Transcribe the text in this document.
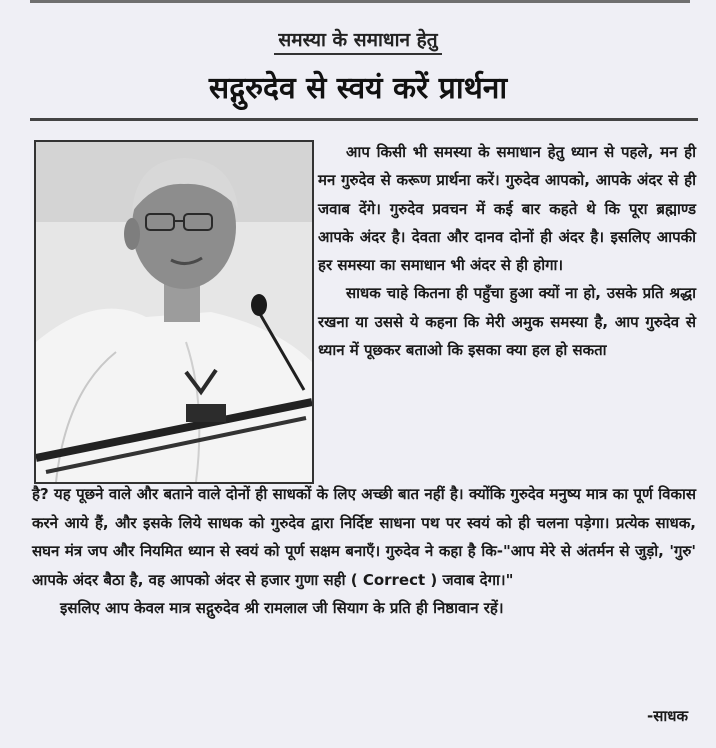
समस्या के समाधान हेतु
सद्गुरुदेव से स्वयं करें प्रार्थना

आप किसी भी समस्या के समाधान हेतु ध्यान से पहले, मन ही मन गुरुदेव से करूण प्रार्थना करें। गुरुदेव आपको, आपके अंदर से ही जवाब देंगे। गुरुदेव प्रवचन में कई बार कहते थे कि पूरा ब्रह्माण्ड आपके अंदर है। देवता और दानव दोनों ही अंदर है। इसलिए आपकी हर समस्या का समाधान भी अंदर से ही होगा।

साधक चाहे कितना ही पहुँचा हुआ क्यों ना हो, उसके प्रति श्रद्धा रखना या उससे ये कहना कि मेरी अमुक समस्या है, आप गुरुदेव से ध्यान में पूछकर बताओ कि इसका क्या हल हो सकता

है? यह पूछने वाले और बताने वाले दोनों ही साधकों के लिए अच्छी बात नहीं है। क्योंकि गुरुदेव मनुष्य मात्र का पूर्ण विकास करने आये हैं, और इसके लिये साधक को गुरुदेव द्वारा निर्दिष्ट साधना पथ पर स्वयं को ही चलना पड़ेगा। प्रत्येक साधक, सघन मंत्र जप और नियमित ध्यान से स्वयं को पूर्ण सक्षम बनाएँ। गुरुदेव ने कहा है कि-"आप मेरे से अंतर्मन से जुड़ो, 'गुरु' आपके अंदर बैठा है, वह आपको अंदर से हजार गुणा सही ( Correct ) जवाब देगा।"

इसलिए आप केवल मात्र सद्गुरुदेव श्री रामलाल जी सियाग के प्रति ही निष्ठावान रहें।

-साधक
